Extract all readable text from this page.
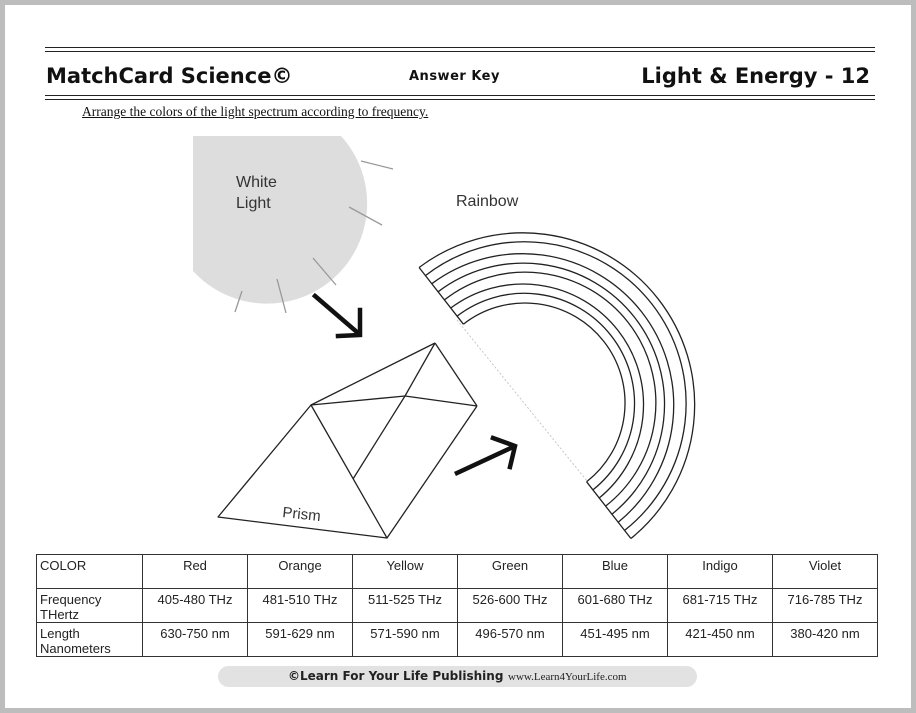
MatchCard Science©	Answer Key	Light & Energy - 12
Arrange the colors of the light spectrum according to frequency.
White
Light
Prism
Rainbow
COLOR	Red	Orange	Yellow	Green	Blue	Indigo	Violet
Frequency
THertz	405-480 THz	481-510 THz	511-525 THz	526-600 THz	601-680 THz	681-715 THz	716-785 THz
Length
Nanometers	630-750 nm	591-629 nm	571-590 nm	496-570 nm	451-495 nm	421-450 nm	380-420 nm
©Learn For Your Life Publishing www.Learn4YourLife.com
